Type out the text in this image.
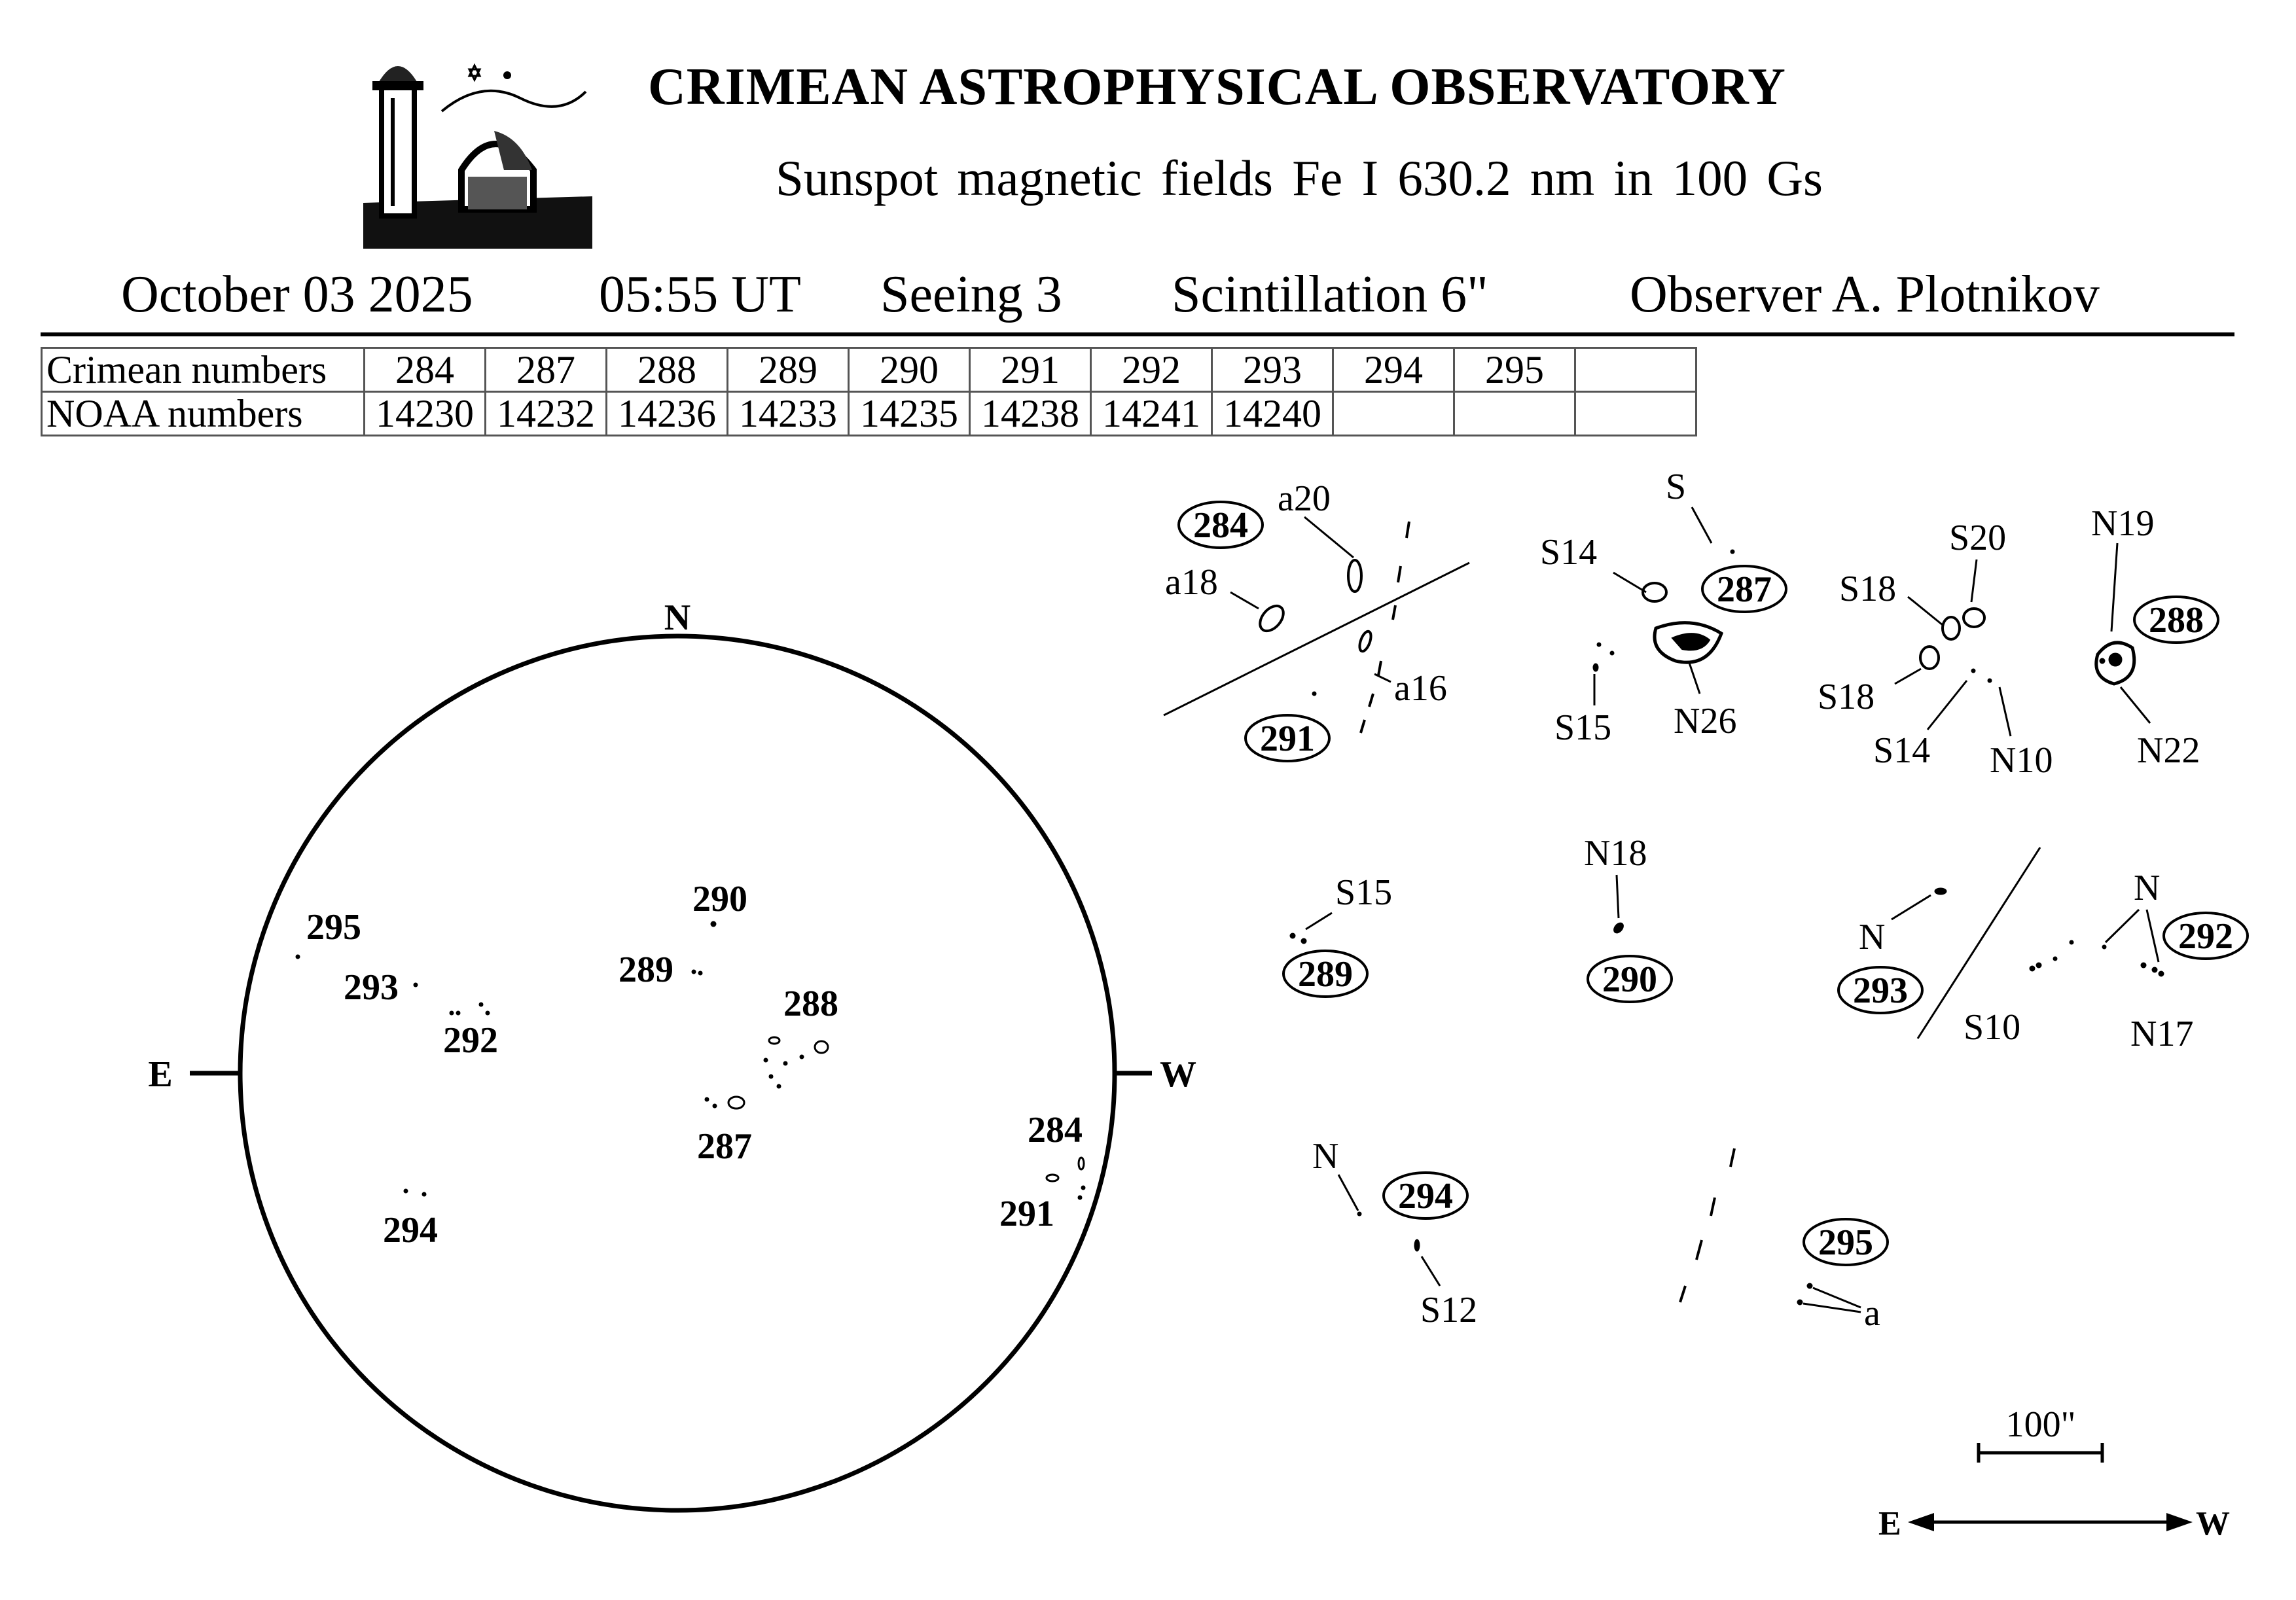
CRIMEAN ASTROPHYSICAL OBSERVATORY
Sunspot magnetic fields Fe I 630.2 nm in 100 Gs
October 03 2025 05:55 UT Seeing 3 Scintillation 6"	Observer A. Plotnikov
Crimean numbers	284	287	288	289	290	291	292	293	294	295	
NOAA numbers	14230	14232	14236	14233	14235	14238	14241	14240			
N
E	W
295
293
292
290
289
288
287	284
291
294
284
291
a20
a18
a16
S
287
S14
S15 N26
S20
S18
S18
S14 N10
N19
288
N22
S15
289
N18
290
N
293
N
292
S10	N17
N
294
S12
295
a
100"
E	W
